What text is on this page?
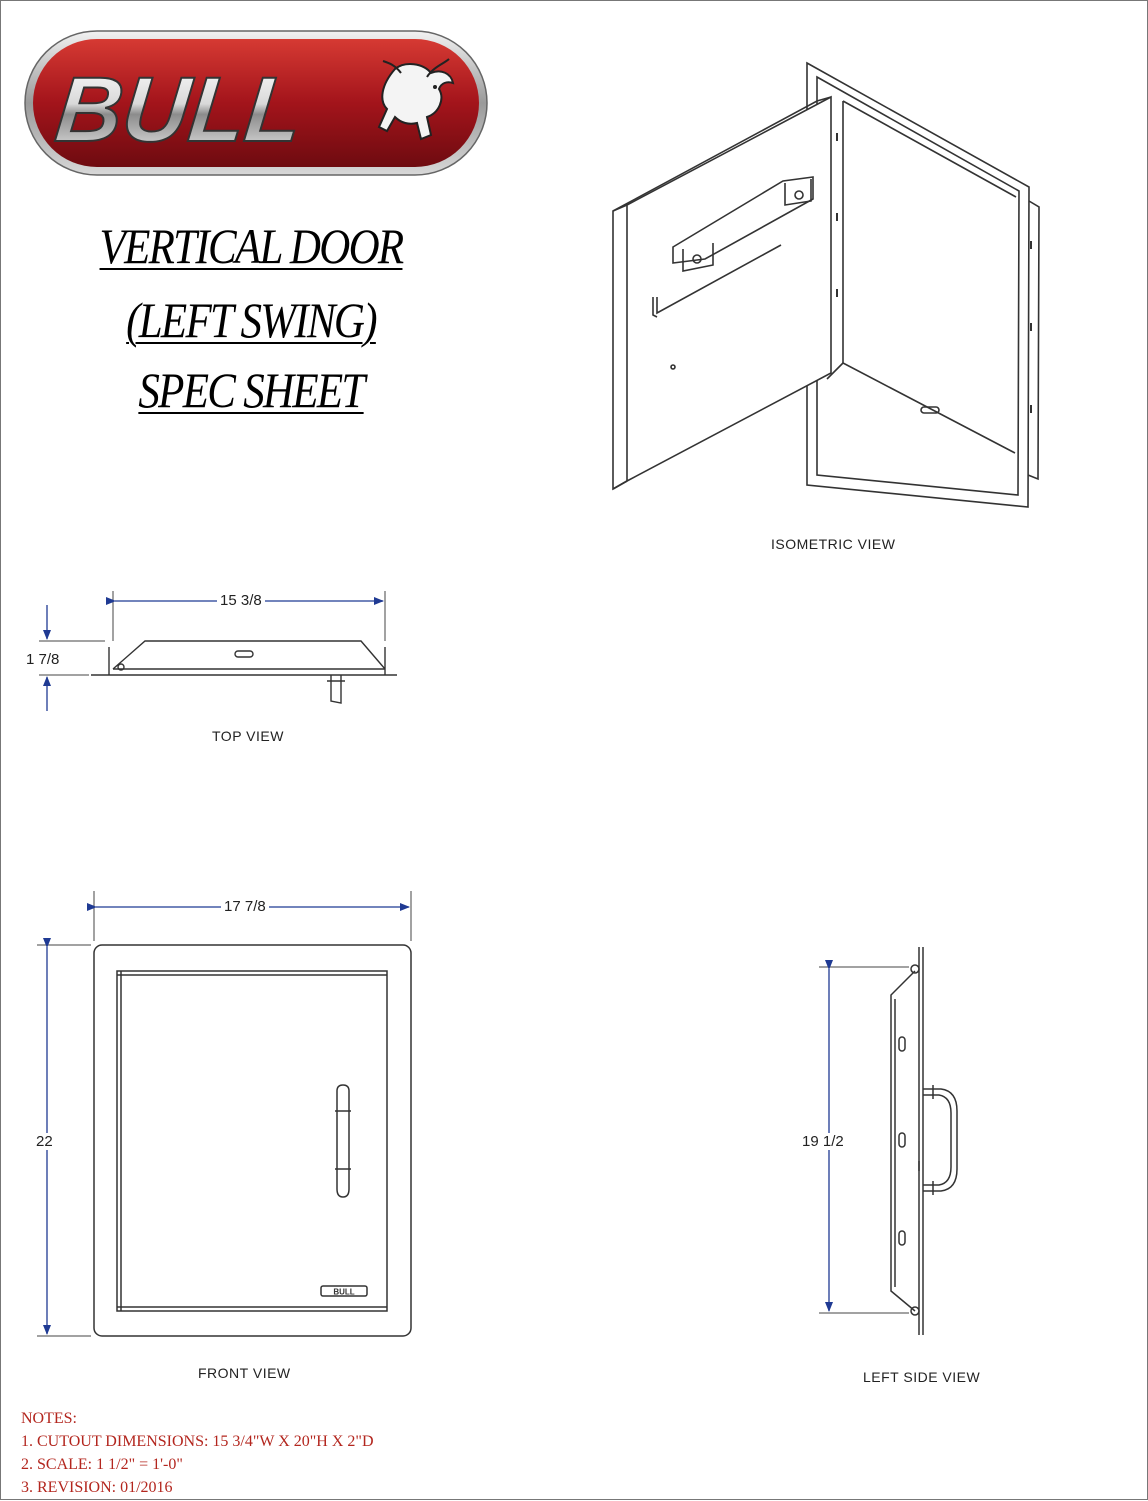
BULL
VERTICAL DOOR
(LEFT SWING)
SPEC SHEET
BULL
15 3/8
1 7/8
17 7/8
22	19 1/2
ISOMETRIC VIEW
TOP VIEW
FRONT VIEW	LEFT SIDE VIEW
NOTES:
1. CUTOUT DIMENSIONS: 15 3/4"W X 20"H X 2"D
2. SCALE: 1 1/2" = 1'-0"
3. REVISION: 01/2016
